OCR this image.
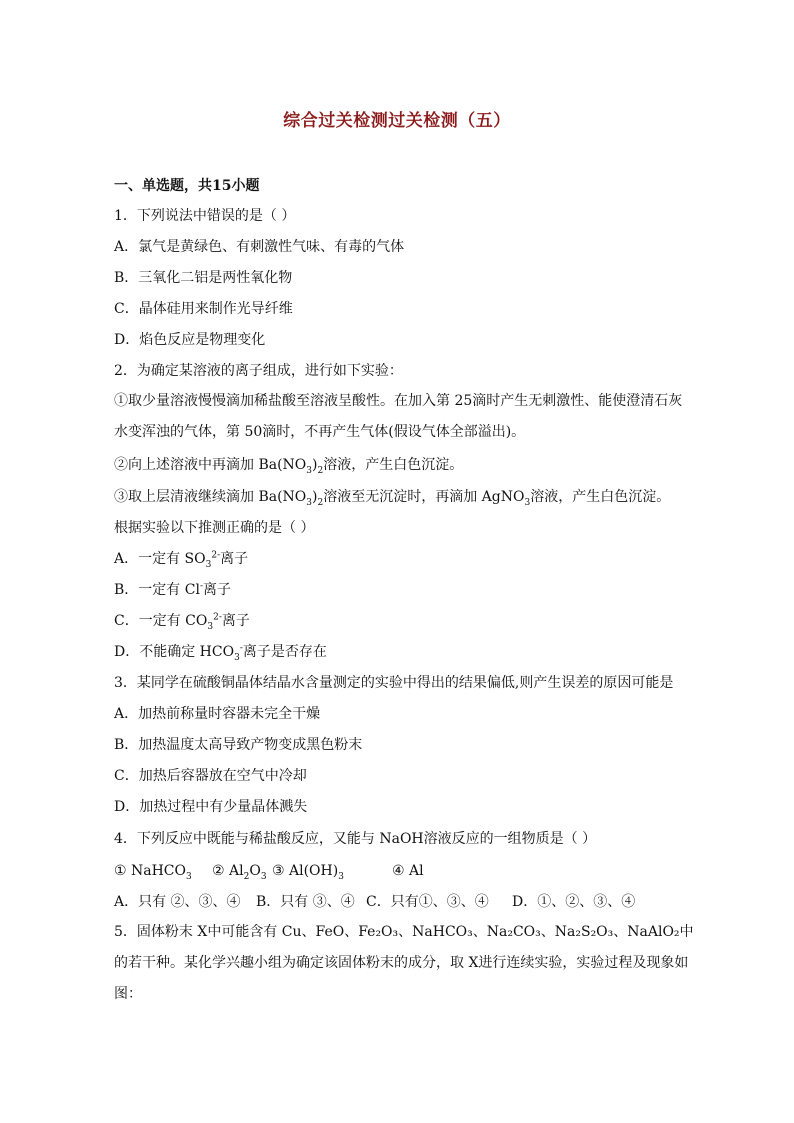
综合过关检测过关检测（五）
一、单选题，共15小题
1．下列说法中错误的是（ ）
A．氯气是黄绿色、有刺激性气味、有毒的气体
B．三氧化二铝是两性氧化物
C．晶体硅用来制作光导纤维
D．焰色反应是物理变化
2．为确定某溶液的离子组成，进行如下实验：
①取少量溶液慢慢滴加稀盐酸至溶液呈酸性。在加入第 25滴时产生无刺激性、能使澄清石灰水变浑浊的气体，第 50滴时，不再产生气体(假设气体全部溢出)。
②向上述溶液中再滴加 $Ba(NO_3)_2$溶液，产生白色沉淀。
③取上层清液继续滴加 $Ba(NO_3)_2$溶液至无沉淀时，再滴加 AgNO$_3$溶液，产生白色沉淀。
根据实验以下推测正确的是（ ）
A．一定有 $SO_3^{2-}$离子
B．一定有 Cl-离子
C．一定有 $CO_3^{2-}$离子
D．不能确定 $HCO_3^-$离子是否存在
3．某同学在硫酸铜晶体结晶水含量测定的实验中得出的结果偏低,则产生误差的原因可能是
A．加热前称量时容器未完全干燥
B．加热温度太高导致产物变成黑色粉末
C．加热后容器放在空气中冷却
D．加热过程中有少量晶体溅失
4．下列反应中既能与稀盐酸反应，又能与 NaOH溶液反应的一组物质是（ ）
① NaHCO$_3$ ② $Al_2O_3$ ③ $Al(OH)_3$	④ Al
A．只有 ②、③、④ B．只有 ③、④ C．只有①、③、④ D．①、②、③、④
5．固体粉末 X中可能含有 Cu、FeO、Fe₂O₃、NaHCO₃、Na₂CO₃、Na₂S₂O₃、NaAlO₂中的若干种。某化学兴趣小组为确定该固体粉末的成分，取 X进行连续实验，实验过程及现象如图：
